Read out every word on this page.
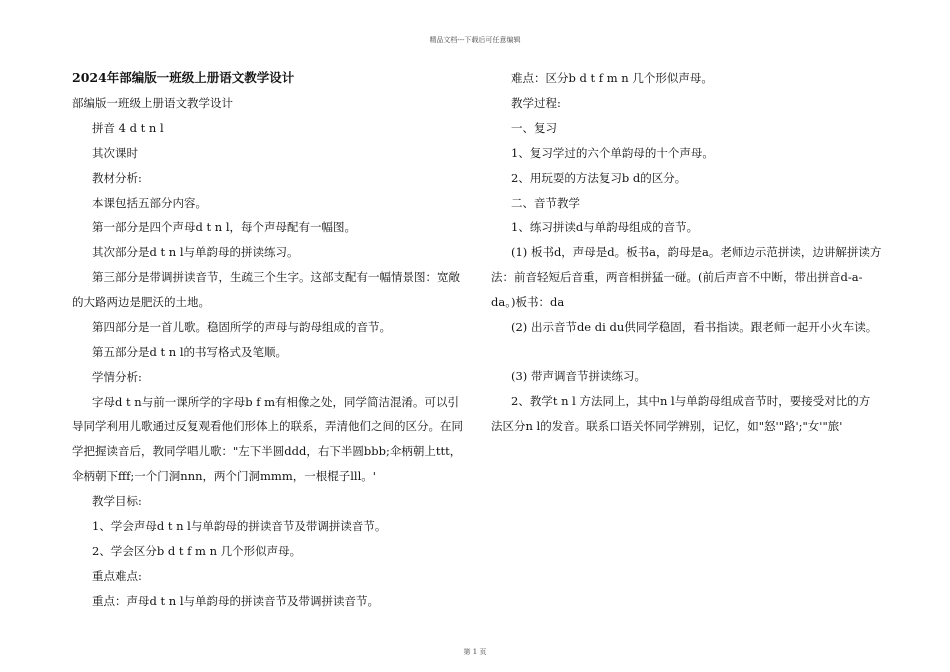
精品文档---下载后可任意编辑

2024年部编版一班级上册语文教学设计

部编版一班级上册语文教学设计

拼音 4 d t n l

其次课时

教材分析:

本课包括五部分内容。

第一部分是四个声母d t n l，每个声母配有一幅图。

其次部分是d t n l与单韵母的拼读练习。

第三部分是带调拼读音节，生疏三个生字。这部支配有一幅情景图：宽敞

的大路两边是肥沃的土地。

第四部分是一首儿歌。稳固所学的声母与韵母组成的音节。

第五部分是d t n l的书写格式及笔顺。

学情分析:

字母d t n与前一课所学的字母b f m有相像之处，同学简洁混淆。可以引

导同学利用儿歌通过反复观看他们形体上的联系，弄清他们之间的区分。在同

学把握读音后，教同学唱儿歌："左下半圆ddd，右下半圆bbb;伞柄朝上ttt，

伞柄朝下fff;一个门洞nnn，两个门洞mmm，一根棍子lll。'

教学目标:

1、学会声母d t n l与单韵母的拼读音节及带调拼读音节。

2、学会区分b d t f m n 几个形似声母。

重点难点:

重点：声母d t n l与单韵母的拼读音节及带调拼读音节。

难点：区分b d t f m n 几个形似声母。

教学过程:

一、复习

1、复习学过的六个单韵母的十个声母。

2、用玩耍的方法复习b d的区分。

二、音节教学

1、练习拼读d与单韵母组成的音节。

(1) 板书d，声母是d。板书a，韵母是a。老师边示范拼读，边讲解拼读方

法：前音轻短后音重，两音相拼猛一碰。(前后声音不中断，带出拼音d-a-

da。)板书：da

(2) 出示音节de di du供同学稳固，看书指读。跟老师一起开小火车读。

(3) 带声调音节拼读练习。

2、教学t n l 方法同上，其中n l与单韵母组成音节时，要接受对比的方

法区分n l的发音。联系口语关怀同学辨别，记忆，如"怒'"路';"女'"旅'

第 1 页
